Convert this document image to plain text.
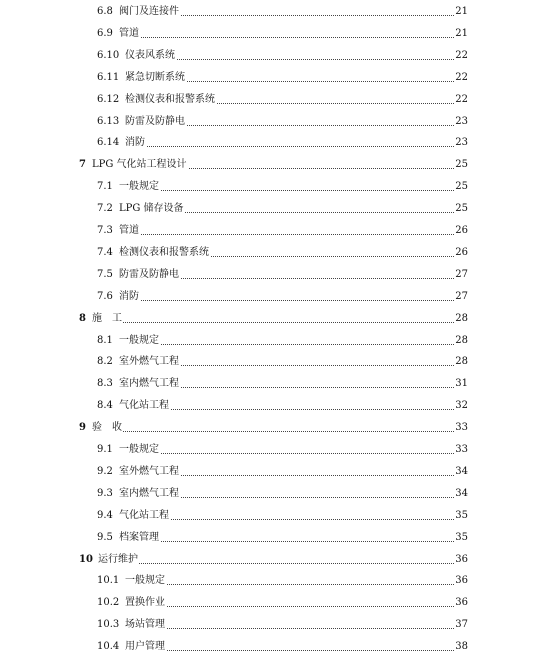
6.8 阀门及连接件	21
6.9 管道	21
6.10 仪表风系统	22
6.11 紧急切断系统	22
6.12 检测仪表和报警系统	22
6.13 防雷及防静电	23
6.14 消防	23
7 LPG 气化站工程设计	25
7.1 一般规定	25
7.2 LPG 储存设备	25
7.3 管道	26
7.4 检测仪表和报警系统	26
7.5 防雷及防静电	27
7.6 消防	27
8 施　工	28
8.1 一般规定	28
8.2 室外燃气工程	28
8.3 室内燃气工程	31
8.4 气化站工程	32
9 验　收	33
9.1 一般规定	33
9.2 室外燃气工程	34
9.3 室内燃气工程	34
9.4 气化站工程	35
9.5 档案管理	35
10 运行维护	36
10.1 一般规定	36
10.2 置换作业	36
10.3 场站管理	37
10.4 用户管理	38
